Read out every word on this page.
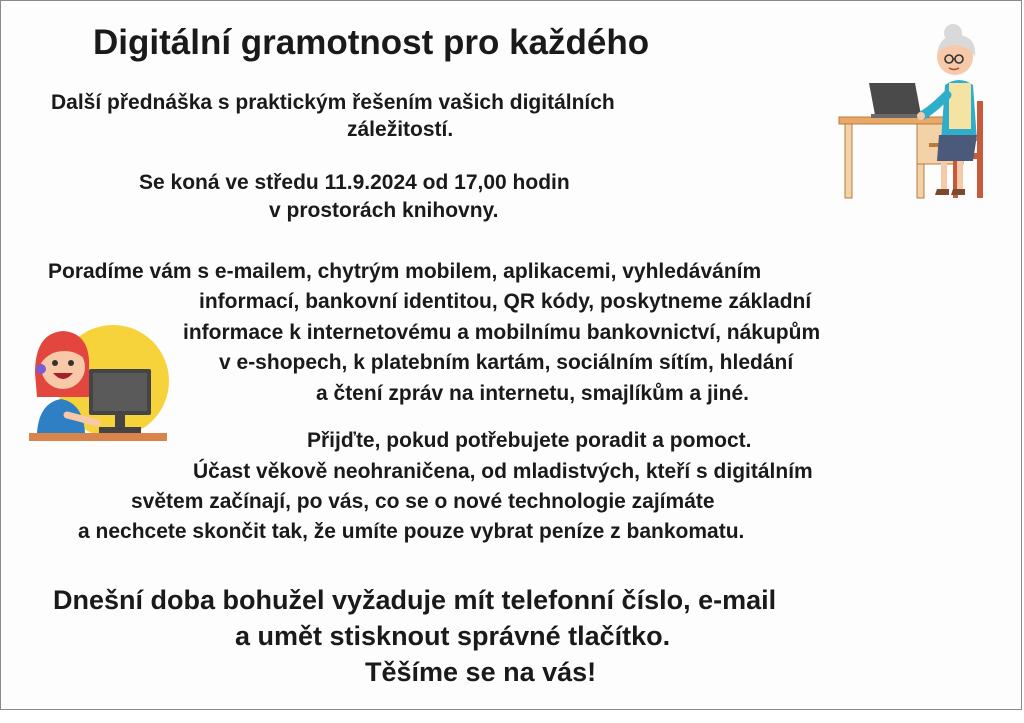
Digitální gramotnost pro každého
Další přednáška s praktickým řešením vašich digitálních
záležitostí.
Se koná ve středu 11.9.2024 od 17,00 hodin
v prostorách knihovny.
Poradíme vám s e-mailem, chytrým mobilem, aplikacemi, vyhledáváním
informací, bankovní identitou, QR kódy, poskytneme základní
informace k internetovému a mobilnímu bankovnictví, nákupům
v e-shopech, k platebním kartám, sociálním sítím, hledání
a čtení zpráv na internetu, smajlíkům a jiné.
Přijďte, pokud potřebujete poradit a pomoct.
Účast věkově neohraničena, od mladistvých, kteří s digitálním
světem začínají, po vás, co se o nové technologie zajímáte
a nechcete skončit tak, že umíte pouze vybrat peníze z bankomatu.
Dnešní doba bohužel vyžaduje mít telefonní číslo, e-mail
a umět stisknout správné tlačítko.
Těšíme se na vás!
